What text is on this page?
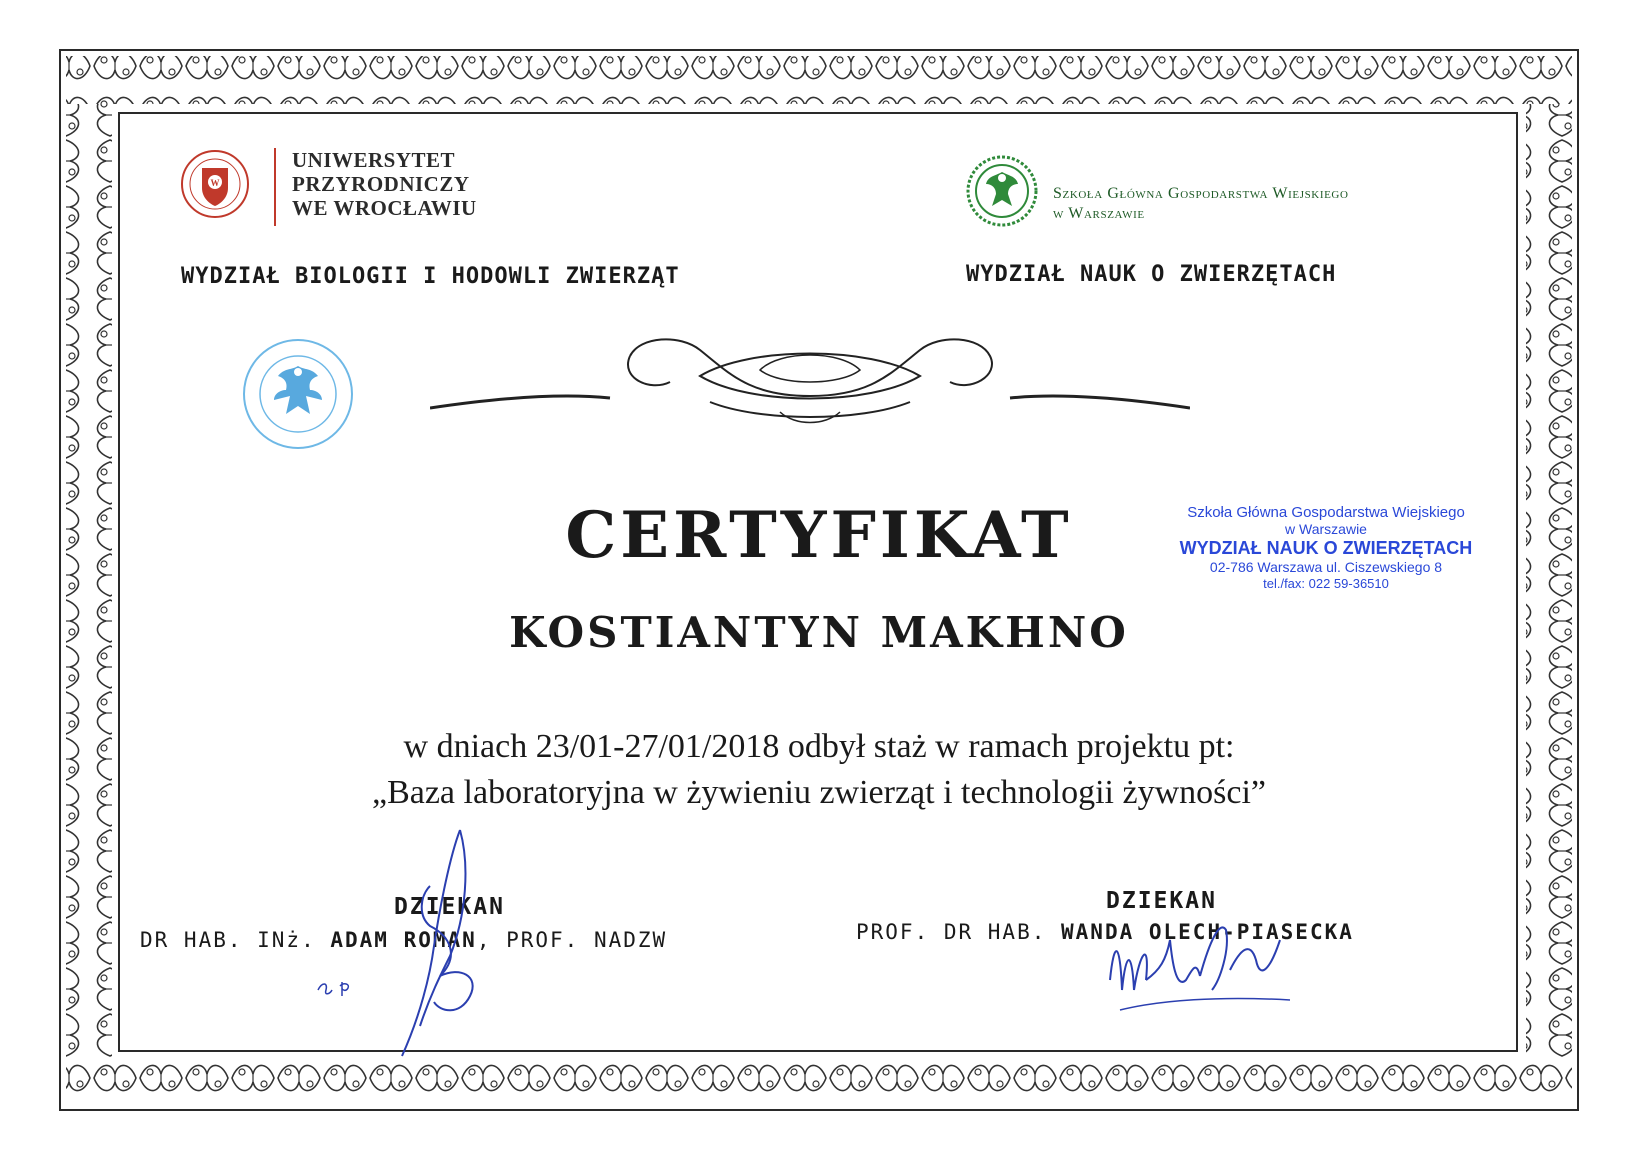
W
UNIWERSYTET
PRZYRODNICZY
WE WROCŁAWIU
Szkoła Główna Gospodarstwa Wiejskiego
w Warszawie
WYDZIAŁ BIOLOGII I HODOWLI ZWIERZĄT	WYDZIAŁ NAUK O ZWIERZĘTACH
CERTYFIKAT
KOSTIANTYN MAKHNO
w dniach 23/01-27/01/2018 odbył staż w ramach projektu pt:
„Baza laboratoryjna w żywieniu zwierząt i technologii żywności”
Szkoła Główna Gospodarstwa Wiejskiego
w Warszawie
WYDZIAŁ NAUK O ZWIERZĘTACH
02-786 Warszawa ul. Ciszewskiego 8
tel./fax: 022 59-36510
DZIEKAN
DR HAB. INż. ADAM ROMAN, PROF. NADZW
DZIEKAN
PROF. DR HAB. WANDA OLECH-PIASECKA
